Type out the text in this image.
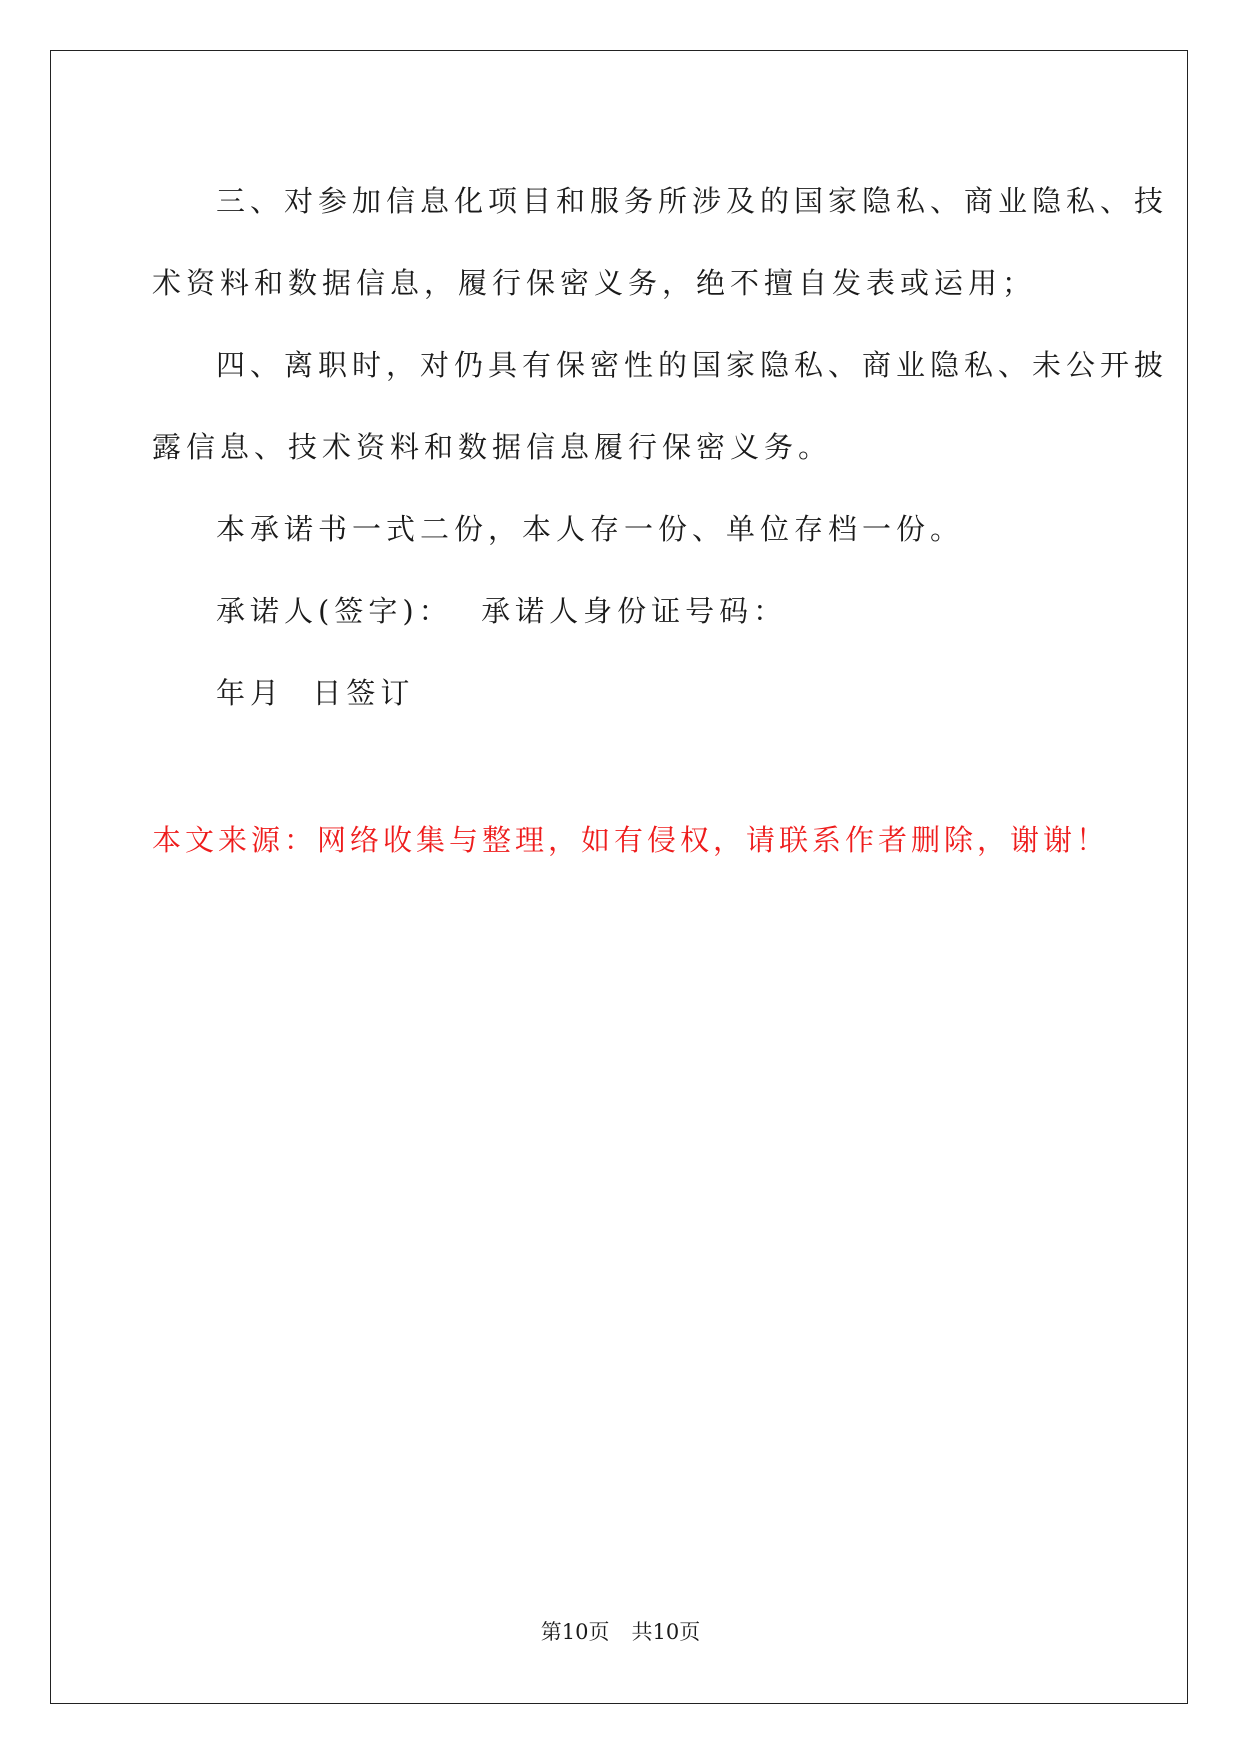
三、对参加信息化项目和服务所涉及的国家隐私、商业隐私、技

术资料和数据信息，履行保密义务，绝不擅自发表或运用；

四、离职时，对仍具有保密性的国家隐私、商业隐私、未公开披

露信息、技术资料和数据信息履行保密义务。

本承诺书一式二份，本人存一份、单位存档一份。

承诺人(签字)：  承诺人身份证号码：

年月  日签订

本文来源：网络收集与整理，如有侵权，请联系作者删除，谢谢！
第10页 共10页
